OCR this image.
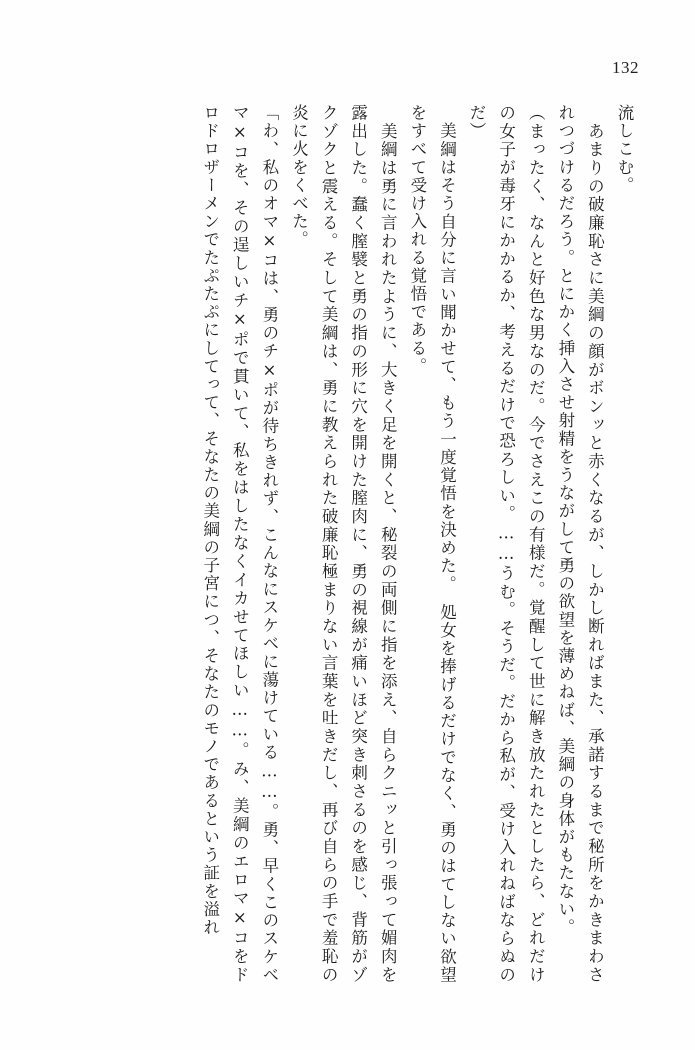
132

流しこむ。

　あまりの破廉恥さに美綱の顔がボンッと赤くなるが、しかし断ればまた、承諾するまで秘所をかきまわされつづけるだろう。とにかく挿入させ射精をうながして勇の欲望を薄めねば、美綱の身体がもたない。

（まったく、なんと好色な男なのだ。今でさえこの有様だ。覚醒して世に解き放たれたとしたら、どれだけの女子が毒牙にかかるか、考えるだけで恐ろしい。……うむ。そうだ。だから私が、受け入れねばならぬのだ）

　美綱はそう自分に言い聞かせて、もう一度覚悟を決めた。　処女を捧げるだけでなく、勇のはてしない欲望をすべて受け入れる覚悟である。

　美綱は勇に言われたように、大きく足を開くと、秘裂の両側に指を添え、自らクニッと引っ張って媚肉を露出した。蠢く膣襞と勇の指の形に穴を開けた膣肉に、勇の視線が痛いほど突き刺さるのを感じ、背筋がゾクゾクと震える。そして美綱は、勇に教えられた破廉恥極まりない言葉を吐きだし、再び自らの手で羞恥の炎に火をくべた。

「わ、私のオマ×コは、勇のチ×ポが待ちきれず、こんなにスケベに蕩けている……。勇、早くこのスケベマ×コを、その逞しいチ×ポで貫いて、私をはしたなくイカせてほしい……。み、美綱のエロマ×コをドロドロザーメンでたぷたぷにしてって、そなたの美綱の子宮につ、そなたのモノであるという証を溢れ
